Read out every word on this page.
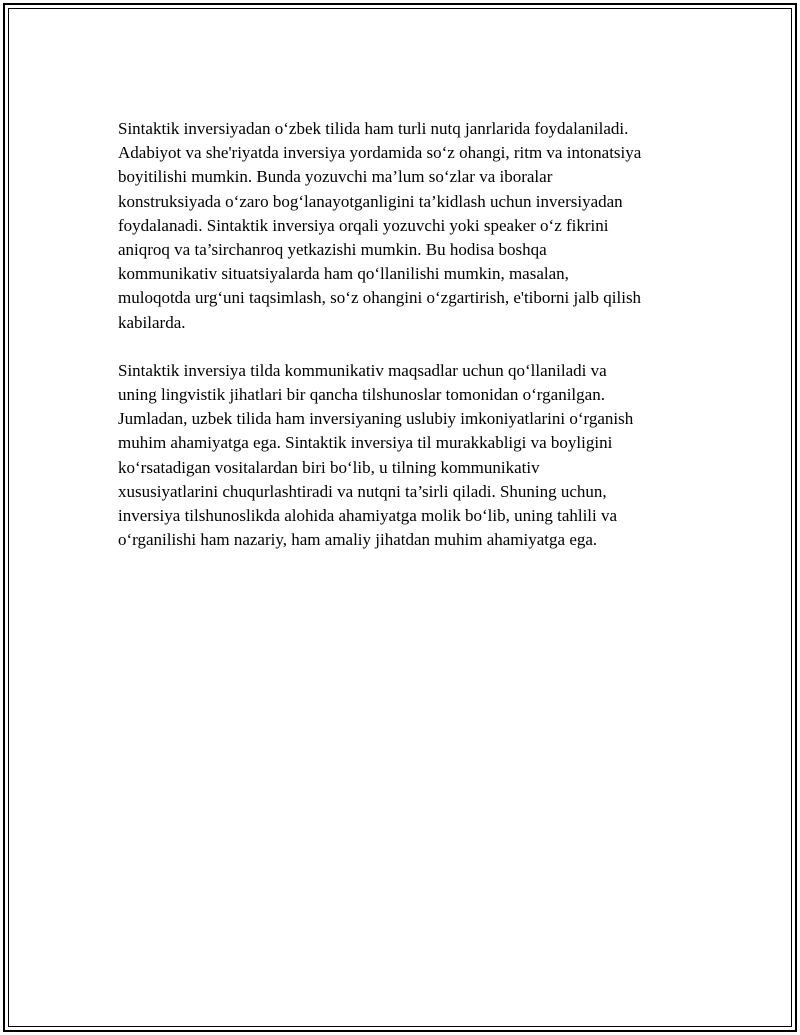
Sintaktik inversiyadan o‘zbek tilida ham turli nutq janrlarida foydalaniladi.
Adabiyot va she'riyatda inversiya yordamida so‘z ohangi, ritm va intonatsiya
boyitilishi mumkin. Bunda yozuvchi ma’lum so‘zlar va iboralar
konstruksiyada o‘zaro bog‘lanayotganligini ta’kidlash uchun inversiyadan
foydalanadi. Sintaktik inversiya orqali yozuvchi yoki speaker o‘z fikrini
aniqroq va ta’sirchanroq yetkazishi mumkin. Bu hodisa boshqa
kommunikativ situatsiyalarda ham qo‘llanilishi mumkin, masalan,
muloqotda urg‘uni taqsimlash, so‘z ohangini o‘zgartirish, e'tiborni jalb qilish
kabilarda.

Sintaktik inversiya tilda kommunikativ maqsadlar uchun qo‘llaniladi va
uning lingvistik jihatlari bir qancha tilshunoslar tomonidan o‘rganilgan.
Jumladan, uzbek tilida ham inversiyaning uslubiy imkoniyatlarini o‘rganish
muhim ahamiyatga ega. Sintaktik inversiya til murakkabligi va boyligini
ko‘rsatadigan vositalardan biri bo‘lib, u tilning kommunikativ
xususiyatlarini chuqurlashtiradi va nutqni ta’sirli qiladi. Shuning uchun,
inversiya tilshunoslikda alohida ahamiyatga molik bo‘lib, uning tahlili va
o‘rganilishi ham nazariy, ham amaliy jihatdan muhim ahamiyatga ega.
